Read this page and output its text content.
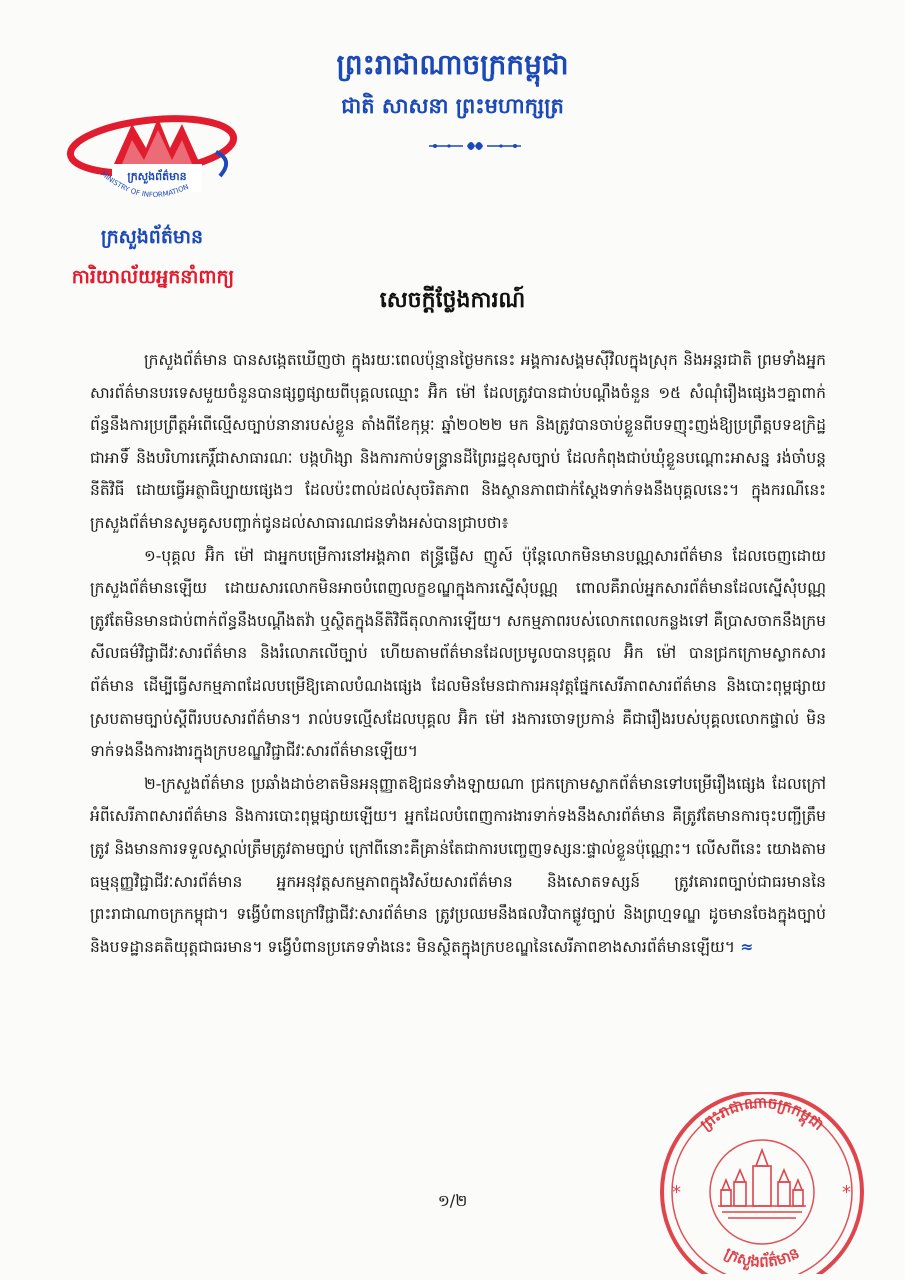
ព្រះរាជាណាចក្រកម្ពុជា
ជាតិ សាសនា ព្រះមហាក្សត្រ
ក្រសួងព័ត៌មាន
MINISTRY OF INFORMATION
ក្រសួងព័ត៌មាន
ការិយាល័យអ្នកនាំពាក្យ
សេចក្ដីថ្លែងការណ៍

ក្រសួងព័ត៌មាន បានសង្កេតឃើញថា ក្នុងរយៈពេលប៉ុន្មានថ្ងៃមកនេះ អង្គការសង្គមស៊ីវិលក្នុងស្រុក និងអន្តរជាតិ ព្រមទាំងអ្នកសារព័ត៌មានបរទេសមួយចំនួនបានផ្សព្វផ្សាយពីបុគ្គលឈ្មោះ អ៊ិក ម៉ៅ ដែលត្រូវបានជាប់បណ្តឹងចំនួន ១៥ សំណុំរឿងផ្សេងៗគ្នាពាក់ព័ន្ធនឹងការប្រព្រឹត្តអំពើល្មើសច្បាប់នានារបស់ខ្លួន តាំងពីខែកុម្ភៈ ឆ្នាំ២០២២ មក និងត្រូវបានចាប់ខ្លួនពីបទញុះញង់ឱ្យប្រព្រឹត្តបទឧក្រិដ្ឋជាអាទិ៍ និងបរិហារកេរ្តិ៍ជាសាធារណៈ បង្កហិង្សា និងការកាប់ទន្រ្ទានដីព្រៃរដ្ឋខុសច្បាប់ ដែលកំពុងជាប់ឃុំខ្លួនបណ្តោះអាសន្ន រង់ចាំបន្តនីតិវិធី ដោយធ្វើអត្ថាធិប្បាយផ្សេងៗ ដែលប៉ះពាល់ដល់សុចរិតភាព និងស្ថានភាពជាក់ស្តែងទាក់ទងនឹងបុគ្គលនេះ។ ក្នុងករណីនេះ ក្រសួងព័ត៌មានសូមគូសបញ្ជាក់ជូនដល់សាធារណជនទាំងអស់បានជ្រាបថា៖

១-បុគ្គល អ៊ិក ម៉ៅ ជាអ្នកបម្រើការនៅអង្គភាព ឥន្ទ្រីផ្លើស ញូស៍ ប៉ុន្តែលោកមិនមានបណ្ណសារព័ត៌មាន ដែលចេញដោយក្រសួងព័ត៌មានឡើយ ដោយសារលោកមិនអាចបំពេញលក្ខខណ្ឌក្នុងការស្នើសុំបណ្ណ ពោលគឺរាល់អ្នកសារព័ត៌មានដែលស្នើសុំបណ្ណ ត្រូវតែមិនមានជាប់ពាក់ព័ន្ធនឹងបណ្តឹងតវ៉ា ឬស្ថិតក្នុងនីតិវិធីតុលាការឡើយ។ សកម្មភាពរបស់លោកពេលកន្លងទៅ គឺប្រាសចាកនឹងក្រមសីលធម៌វិជ្ជាជីវៈសារព័ត៌មាន និងរំលោភលើច្បាប់ ហើយតាមព័ត៌មានដែលប្រមូលបានបុគ្គល អ៊ិក ម៉ៅ បានជ្រកក្រោមស្លាកសារព័ត៌មាន ដើម្បីធ្វើសកម្មភាពដែលបម្រើឱ្យគោលបំណងផ្សេង ដែលមិនមែនជាការអនុវត្តផ្នែកសេរីភាពសារព័ត៌មាន និងបោះពុម្ពផ្សាយស្របតាមច្បាប់ស្តីពីរបបសារព័ត៌មាន។ រាល់បទល្មើសដែលបុគ្គល អ៊ិក ម៉ៅ រងការចោទប្រកាន់ គឺជារឿងរបស់បុគ្គលលោកផ្ទាល់ មិនទាក់ទងនឹងការងារក្នុងក្របខណ្ឌវិជ្ជាជីវៈសារព័ត៌មានឡើយ។

២-ក្រសួងព័ត៌មាន ប្រឆាំងដាច់ខាតមិនអនុញ្ញាតឱ្យជនទាំងឡាយណា ជ្រកក្រោមស្លាកព័ត៌មានទៅបម្រើរឿងផ្សេង ដែលក្រៅអំពីសេរីភាពសារព័ត៌មាន និងការបោះពុម្ពផ្សាយឡើយ។ អ្នកដែលបំពេញការងារទាក់ទងនឹងសារព័ត៌មាន គឺត្រូវតែមានការចុះបញ្ជីត្រឹមត្រូវ និងមានការទទួលស្គាល់ត្រឹមត្រូវតាមច្បាប់ ក្រៅពីនោះគឺគ្រាន់តែជាការបញ្ចេញទស្សនៈផ្ទាល់ខ្លួនប៉ុណ្ណោះ។ លើសពីនេះ យោងតាមធម្មនុញ្ញវិជ្ជាជីវៈសារព័ត៌មាន អ្នកអនុវត្តសកម្មភាពក្នុងវិស័យសារព័ត៌មាន និងសោតទស្សន៍ ត្រូវគោរពច្បាប់ជាធរមាននៃព្រះរាជាណាចក្រកម្ពុជា។ ទង្វើបំពានក្រៅវិជ្ជាជីវៈសារព័ត៌មាន ត្រូវប្រឈមនឹងផលវិបាកផ្លូវច្បាប់ និងព្រហ្មទណ្ឌ ដូចមានចែងក្នុងច្បាប់និងបទដ្ឋានគតិយុត្តជាធរមាន។ ទង្វើបំពានប្រភេទទាំងនេះ មិនស្ថិតក្នុងក្របខណ្ឌនៃសេរីភាពខាងសារព័ត៌មានឡើយ។ ≈

១/២
ព្រះរាជាណាចក្រកម្ពុជា
ក្រសួងព័ត៌មាន
*	*
